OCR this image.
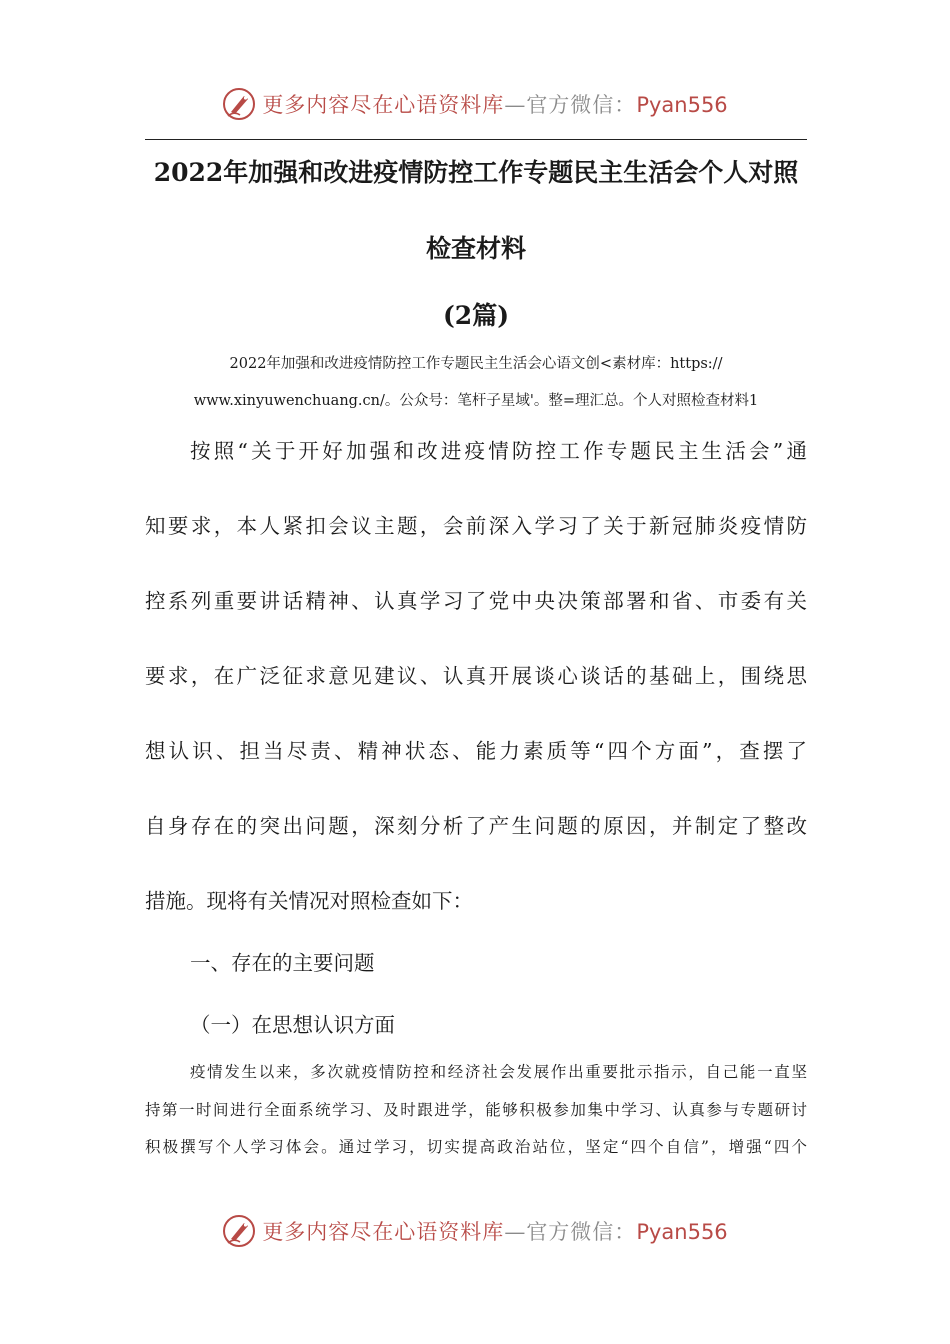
更多内容尽在心语资料库—官方微信：Pyan556
2022年加强和改进疫情防控工作专题民主生活会个人对照
检查材料
(2篇)
2022年加强和改进疫情防控工作专题民主生活会心语文创<素材库：https://
www.xinyuwenchuang.cn/。公众号：笔杆子星域'。整=理汇总。个人对照检查材料1
按照“关于开好加强和改进疫情防控工作专题民主生活会”通
知要求，本人紧扣会议主题，会前深入学习了关于新冠肺炎疫情防
控系列重要讲话精神、认真学习了党中央决策部署和省、市委有关
要求，在广泛征求意见建议、认真开展谈心谈话的基础上，围绕思
想认识、担当尽责、精神状态、能力素质等“四个方面”，查摆了
自身存在的突出问题，深刻分析了产生问题的原因，并制定了整改
措施。现将有关情况对照检查如下：
一、存在的主要问题
（一）在思想认识方面
疫情发生以来，多次就疫情防控和经济社会发展作出重要批示指示，自己能一直坚
持第一时间进行全面系统学习、及时跟进学，能够积极参加集中学习、认真参与专题研讨
积极撰写个人学习体会。通过学习，切实提高政治站位，坚定“四个自信”，增强“四个
更多内容尽在心语资料库—官方微信：Pyan556
